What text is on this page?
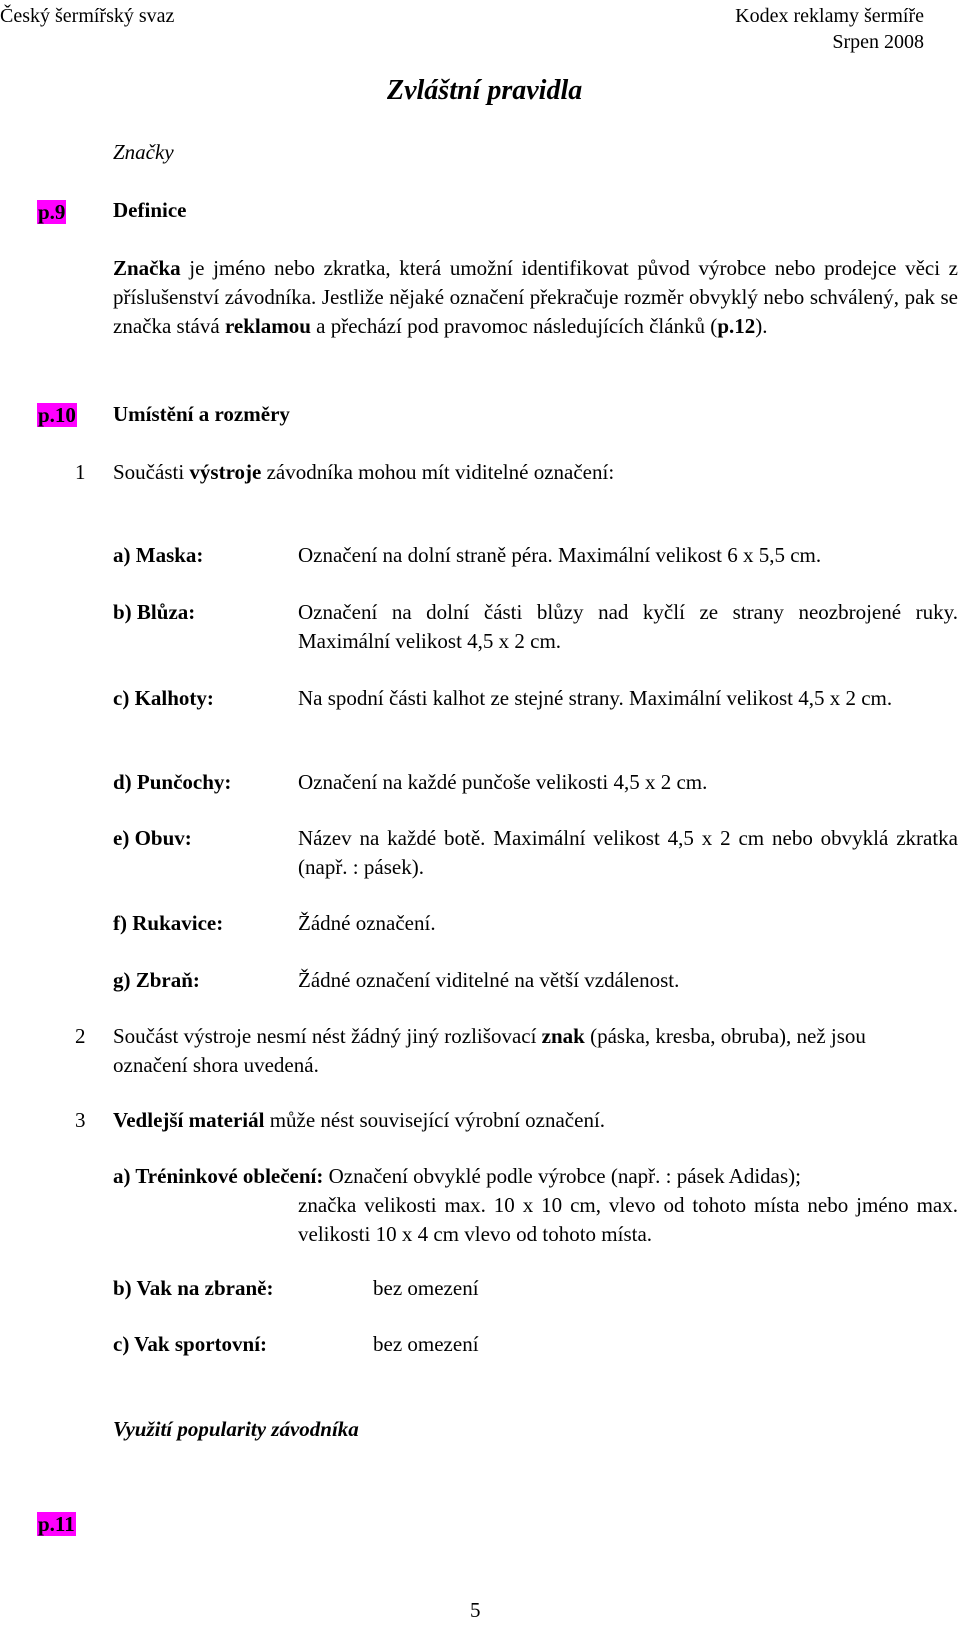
Český šermířský svaz	Kodex reklamy šermíře
Srpen 2008
Zvláštní pravidla
Značky
p.9 Definice
Značka je jméno nebo zkratka, která umožní identifikovat původ výrobce nebo prodejce věci z příslušenství závodníka. Jestliže nějaké označení překračuje rozměr obvyklý nebo schválený, pak se značka stává reklamou a přechází pod pravomoc následujících článků (p.12).
p.10 Umístění a rozměry
1 Součásti výstroje závodníka mohou mít viditelné označení:
a) Maska:	Označení na dolní straně péra. Maximální velikost 6 x 5,5 cm.
b) Blůza:	Označení na dolní části blůzy nad kyčlí ze strany neozbrojené ruky. Maximální velikost 4,5 x 2 cm.
c) Kalhoty:	Na spodní části kalhot ze stejné strany. Maximální velikost 4,5 x 2 cm.
d) Punčochy:	Označení na každé punčoše velikosti 4,5 x 2 cm.
e) Obuv:	Název na každé botě. Maximální velikost 4,5 x 2 cm nebo obvyklá zkratka (např. : pásek).
f) Rukavice:	Žádné označení.
g) Zbraň:	Žádné označení viditelné na větší vzdálenost.
2 Součást výstroje nesmí nést žádný jiný rozlišovací znak (páska, kresba, obruba), než jsou označení shora uvedená.
3 Vedlejší materiál může nést související výrobní označení.
a) Tréninkové oblečení: Označení obvyklé podle výrobce (např. : pásek Adidas);
značka velikosti max. 10 x 10 cm, vlevo od tohoto místa nebo jméno max. velikosti 10 x 4 cm vlevo od tohoto místa.
b) Vak na zbraně:	bez omezení
c) Vak sportovní:	bez omezení
Využití popularity závodníka
p.11
5
